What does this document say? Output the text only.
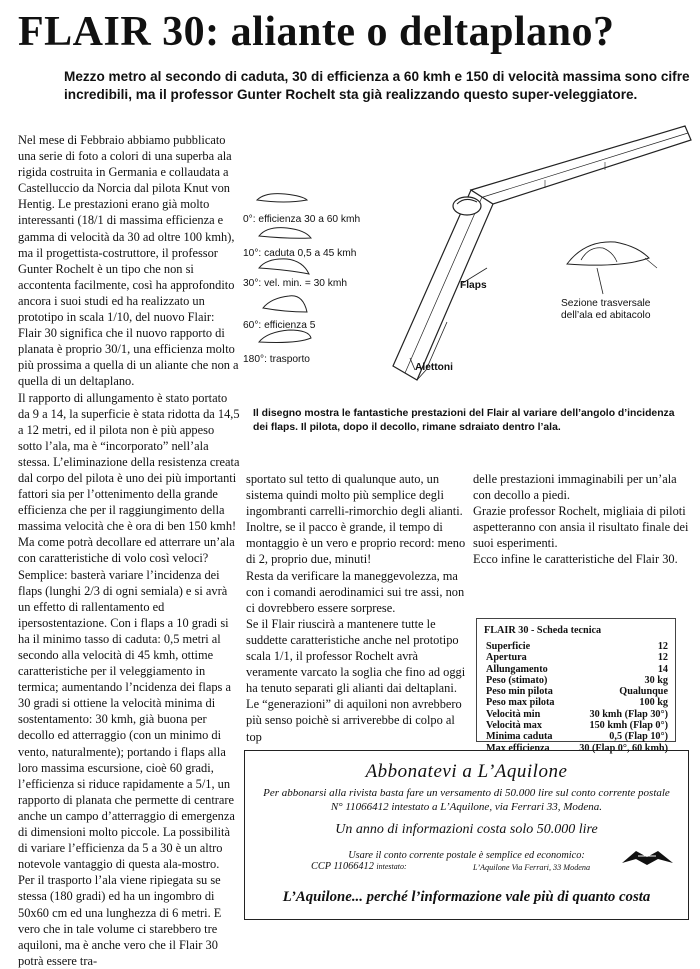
FLAIR 30: aliante o deltaplano?
Mezzo metro al secondo di caduta, 30 di efficienza a 60 kmh e 150 di velocità massima sono cifre incredibili, ma il professor Gunter Rochelt sta già realizzando questo super-veleggiatore.

Nel mese di Febbraio abbiamo pubblicato una serie di foto a colori di una superba ala rigida costruita in Germania e collaudata a Castelluccio da Norcia dal pilota Knut von Hentig. Le prestazioni erano già molto interessanti (18/1 di massima efficienza e gamma di velocità da 30 ad oltre 100 kmh), ma il progettista-costruttore, il professor Gunter Rochelt è un tipo che non si accontenta facilmente, così ha approfondito ancora i suoi studi ed ha realizzato un prototipo in scala 1/10, del nuovo Flair: Flair 30 significa che il nuovo rapporto di planata è proprio 30/1, una efficienza molto più prossima a quella di un aliante che non a quella di un deltaplano.

Il rapporto di allungamento è stato portato da 9 a 14, la superficie è stata ridotta da 14,5 a 12 metri, ed il pilota non è più appeso sotto l’ala, ma è “incorporato” nell’ala stessa. L’eliminazione della resistenza creata dal corpo del pilota è uno dei più importanti fattori sia per l’ottenimento della grande efficienza che per il raggiungimento della massima velocità che è ora di ben 150 kmh!

Ma come potrà decollare ed atterrare un’ala con caratteristiche di volo così veloci? Semplice: basterà variare l’incidenza dei flaps (lunghi 2/3 di ogni semiala) e si avrà un effetto di rallentamento ed ipersostentazione. Con i flaps a 10 gradi si ha il minimo tasso di caduta: 0,5 metri al secondo alla velocità di 45 kmh, ottime caratteristiche per il veleggiamento in termica; aumentando l’ncidenza dei flaps a 30 gradi si ottiene la velocità minima di sostentamento: 30 kmh, già buona per decollo ed atterraggio (con un minimo di vento, naturalmente); portando i flaps alla loro massima escursione, cioè 60 gradi, l’efficienza si riduce rapidamente a 5/1, un rapporto di planata che permette di centrare anche un campo d’atterraggio di emergenza di dimensioni molto piccole. La possibilità di variare l’efficienza da 5 a 30 è un altro notevole vantaggio di questa ala-mostro.

Per il trasporto l’ala viene ripiegata su se stessa (180 gradi) ed ha un ingombro di 50x60 cm ed una lunghezza di 6 metri. E vero che in tale volume ci starebbero tre aquiloni, ma è anche vero che il Flair 30 potrà essere tra-

0°: efficienza 30 a 60 kmh
10°: caduta 0,5 a 45 kmh
30°: vel. min. = 30 kmh
60°: efficienza 5
180°: trasporto
Flaps
Alettoni
Sezione trasversale
dell’ala ed abitacolo
Il disegno mostra le fantastiche prestazioni del Flair al variare dell’angolo d’incidenza dei flaps. Il pilota, dopo il decollo, rimane sdraiato dentro l’ala.

sportato sul tetto di qualunque auto, un sistema quindi molto più semplice degli ingombranti carrelli-rimorchio degli alianti. Inoltre, se il pacco è grande, il tempo di montaggio è un vero e proprio record: meno di 2, proprio due, minuti!

Resta da verificare la maneggevolezza, ma con i comandi aerodinamici sui tre assi, non ci dovrebbero essere sorprese.

Se il Flair riuscirà a mantenere tutte le suddette caratteristiche anche nel prototipo scala 1/1, il professor Rochelt avrà veramente varcato la soglia che fino ad oggi ha tenuto separati gli alianti dai deltaplani. Le “generazioni” di aquiloni non avrebbero più senso poichè si arriverebbe di colpo al top

delle prestazioni immaginabili per un’ala con decollo a piedi.

Grazie professor Rochelt, migliaia di piloti aspetteranno con ansia il risultato finale dei suoi esperimenti.

Ecco infine le caratteristiche del Flair 30.

FLAIR 30 - Scheda tecnica
Superficie	12
Apertura	12
Allungamento	14
Peso (stimato)	30 kg
Peso min pilota	Qualunque
Peso max pilota	100 kg
Velocità min	30 kmh (Flap 30°)
Velocità max	150 kmh (Flap 0°)
Minima caduta	0,5 (Flap 10°)
Max efficienza	30 (Flap 0°, 60 kmh)
Abbonatevi a L’Aquilone
Per abbonarsi alla rivista basta fare un versamento di 50.000 lire sul conto corrente postale N° 11066412 intestato a L’Aquilone, via Ferrari 33, Modena.
Un anno di informazioni costa solo 50.000 lire
Usare il conto corrente postale è semplice ed economico:
CCP 11066412 intestato:	L’Aquilone Via Ferrari, 33 Modena
L’Aquilone... perché l’informazione vale più di quanto costa
